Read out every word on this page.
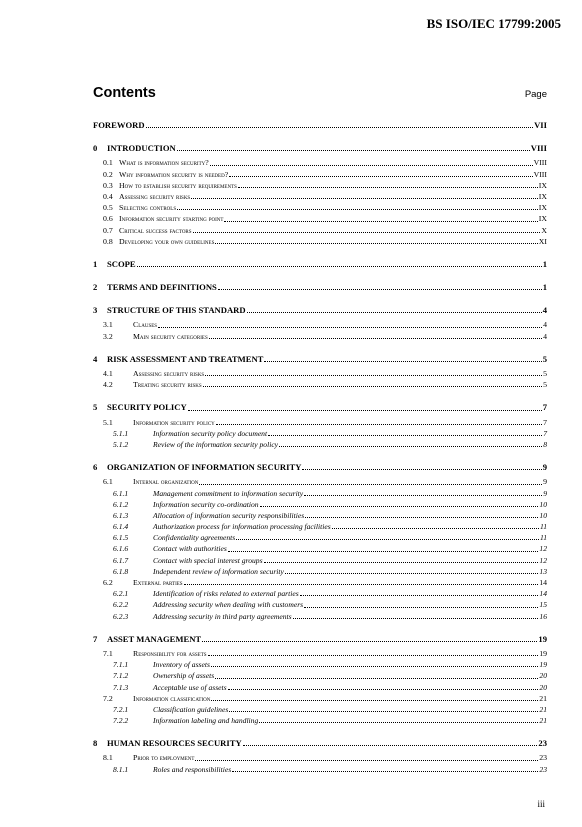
BS ISO/IEC 17799:2005
Contents	Page
FOREWORD	VII
0	INTRODUCTION	VIII
0.1 What is information security?	VIII
0.2 Why information security is needed?	VIII
0.3 How to establish security requirements	IX
0.4 Assessing security risks	IX
0.5 Selecting controls	IX
0.6 Information security starting point	IX
0.7 Critical success factors	X
0.8 Developing your own guidelines	XI
1	SCOPE	1
2	TERMS AND DEFINITIONS	1
3	STRUCTURE OF THIS STANDARD	4
3.1	Clauses	4
3.2	Main security categories	4
4	RISK ASSESSMENT AND TREATMENT	5
4.1	Assessing security risks	5
4.2	Treating security risks	5
5	SECURITY POLICY	7
5.1	Information security policy	7
5.1.1	Information security policy document	7
5.1.2	Review of the information security policy	8
6	ORGANIZATION OF INFORMATION SECURITY	9
6.1	Internal organization	9
6.1.1	Management commitment to information security	9
6.1.2	Information security co-ordination	10
6.1.3	Allocation of information security responsibilities	10
6.1.4	Authorization process for information processing facilities	11
6.1.5	Confidentiality agreements	11
6.1.6	Contact with authorities	12
6.1.7	Contact with special interest groups	12
6.1.8	Independent review of information security	13
6.2	External parties	14
6.2.1	Identification of risks related to external parties	14
6.2.2	Addressing security when dealing with customers	15
6.2.3	Addressing security in third party agreements	16
7	ASSET MANAGEMENT	19
7.1	Responsibility for assets	19
7.1.1	Inventory of assets	19
7.1.2	Ownership of assets	20
7.1.3	Acceptable use of assets	20
7.2	Information classification	21
7.2.1	Classification guidelines	21
7.2.2	Information labeling and handling	21
8	HUMAN RESOURCES SECURITY	23
8.1	Prior to employment	23
8.1.1	Roles and responsibilities	23
iii
